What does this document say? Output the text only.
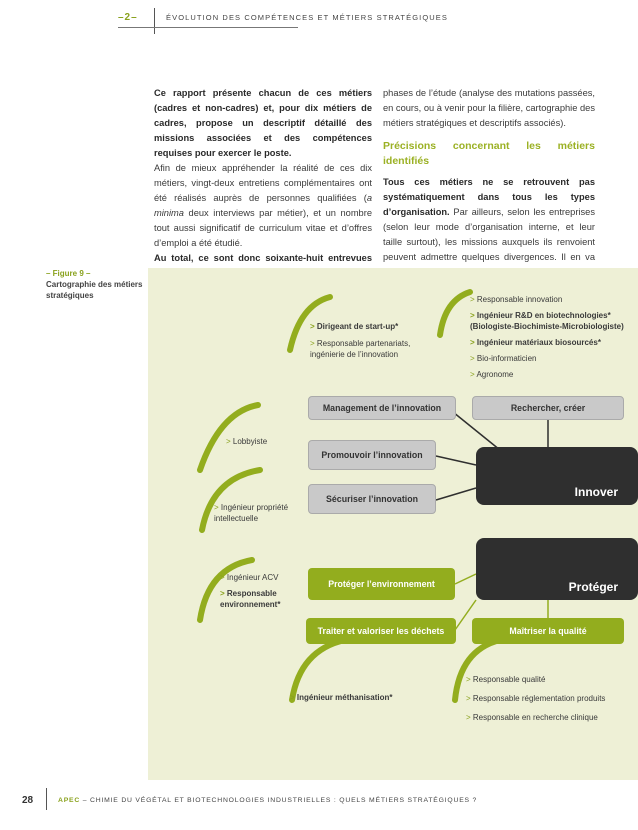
–2–	ÉVOLUTION DES COMPÉTENCES ET MÉTIERS STRATÉGIQUES

Ce rapport présente chacun de ces métiers (cadres et non-cadres) et, pour dix métiers de cadres, propose un descriptif détaillé des missions associées et des compétences requises pour exercer le poste.

Afin de mieux appréhender la réalité de ces dix métiers, vingt-deux entretiens complémentaires ont été réalisés auprès de personnes qualifiées (a minima deux interviews par métier), et un nombre tout aussi significatif de curriculum vitae et d’offres d’emploi a été étudié.

Au total, ce sont donc soixante-huit entrevues

phases de l’étude (analyse des mutations passées, en cours, ou à venir pour la filière, cartographie des métiers stratégiques et descriptifs associés).

Précisions concernant les métiers identifiés

Tous ces métiers ne se retrouvent pas systématiquement dans tous les types d’organisation. Par ailleurs, selon les entreprises (selon leur mode d’organisation interne, et leur taille surtout), les missions auxquels ils renvoient peuvent admettre quelques divergences. Il en va

– Figure 9 –
Cartographie des métiers stratégiques
Management de l’innovation	Rechercher, créer
Promouvoir l’innovation
Sécuriser l’innovation	Innover
Protéger
Protéger l’environnement
Traiter et valoriser les déchets	Maîtriser la qualité
> Responsable innovation
> Ingénieur R&D en biotechnologies* (Biologiste-Biochimiste-Microbiologiste)
> Ingénieur matériaux biosourcés*
> Bio-informaticien
> Agronome
> Dirigeant de start-up*
> Responsable partenariats, ingénierie de l’innovation
> Lobbyiste
> Ingénieur propriété intellectuelle
> Ingénieur ACV
> Responsable environnement*
> Ingénieur méthanisation*
> Responsable qualité
> Responsable réglementation produits
> Responsable en recherche clinique
28	APEC – CHIMIE DU VÉGÉTAL ET BIOTECHNOLOGIES INDUSTRIELLES : QUELS MÉTIERS STRATÉGIQUES ?
